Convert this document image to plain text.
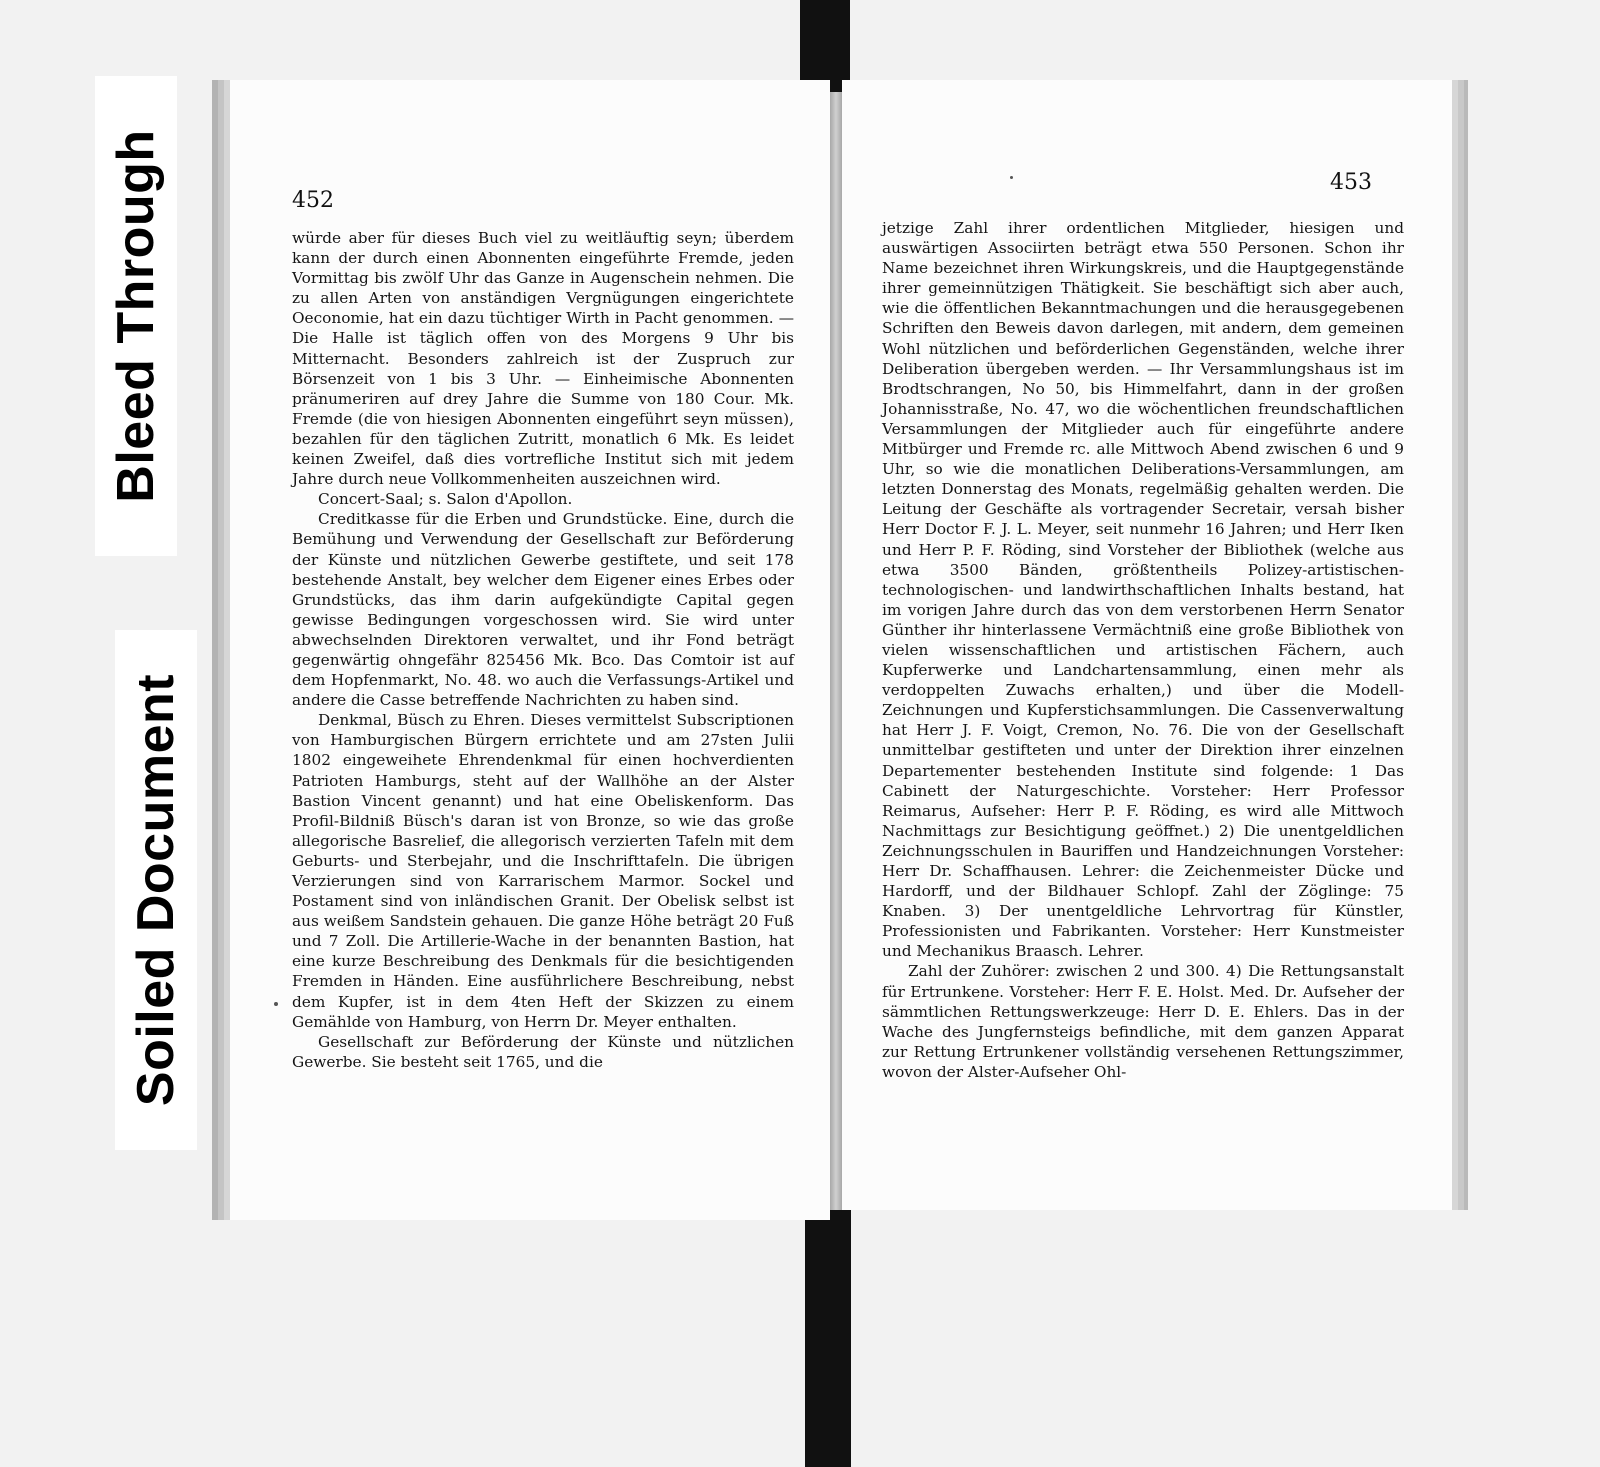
Bleed Through
Soiled Document
452

würde aber für dieses Buch viel zu weitläuftig seyn; überdem kann der durch einen Abonnenten eingeführte Fremde, jeden Vormittag bis zwölf Uhr das Ganze in Augenschein nehmen. Die zu allen Arten von anständigen Vergnügungen eingerichtete Oeconomie, hat ein dazu tüchtiger Wirth in Pacht genommen. — Die Halle ist täglich offen von des Morgens 9 Uhr bis Mitternacht. Besonders zahlreich ist der Zuspruch zur Börsenzeit von 1 bis 3 Uhr. — Einheimische Abonnenten pränumeriren auf drey Jahre die Summe von 180 Cour. Mk. Fremde (die von hiesigen Abonnenten eingeführt seyn müssen), bezahlen für den täglichen Zutritt, monatlich 6 Mk. Es leidet keinen Zweifel, daß dies vortrefliche Institut sich mit jedem Jahre durch neue Vollkommenheiten auszeichnen wird.

Concert-Saal; s. Salon d'Apollon.

Creditkasse für die Erben und Grundstücke. Eine, durch die Bemühung und Verwendung der Gesellschaft zur Beförderung der Künste und nützlichen Gewerbe gestiftete, und seit 178 bestehende Anstalt, bey welcher dem Eigener eines Erbes oder Grundstücks, das ihm darin aufgekündigte Capital gegen gewisse Bedingungen vorgeschossen wird. Sie wird unter abwechselnden Direktoren verwaltet, und ihr Fond beträgt gegenwärtig ohngefähr 825456 Mk. Bco. Das Comtoir ist auf dem Hopfenmarkt, No. 48. wo auch die Verfassungs-Artikel und andere die Casse betreffende Nachrichten zu haben sind.

Denkmal, Büsch zu Ehren. Dieses vermittelst Subscriptionen von Hamburgischen Bürgern errichtete und am 27sten Julii 1802 eingeweihete Ehrendenkmal für einen hochverdienten Patrioten Hamburgs, steht auf der Wallhöhe an der Alster Bastion Vincent genannt) und hat eine Obeliskenform. Das Profil-Bildniß Büsch's daran ist von Bronze, so wie das große allegorische Basrelief, die allegorisch verzierten Tafeln mit dem Geburts- und Sterbejahr, und die Inschrifttafeln. Die übrigen Verzierungen sind von Karrarischem Marmor. Sockel und Postament sind von inländischen Granit. Der Obelisk selbst ist aus weißem Sandstein gehauen. Die ganze Höhe beträgt 20 Fuß und 7 Zoll. Die Artillerie-Wache in der benannten Bastion, hat eine kurze Beschreibung des Denkmals für die besichtigenden Fremden in Händen. Eine ausführlichere Beschreibung, nebst dem Kupfer, ist in dem 4ten Heft der Skizzen zu einem Gemählde von Hamburg, von Herrn Dr. Meyer enthalten.

Gesellschaft zur Beförderung der Künste und nützlichen Gewerbe. Sie besteht seit 1765, und die

453

jetzige Zahl ihrer ordentlichen Mitglieder, hiesigen und auswärtigen Associirten beträgt etwa 550 Personen. Schon ihr Name bezeichnet ihren Wirkungskreis, und die Hauptgegenstände ihrer gemeinnützigen Thätigkeit. Sie beschäftigt sich aber auch, wie die öffentlichen Bekanntmachungen und die herausgegebenen Schriften den Beweis davon darlegen, mit andern, dem gemeinen Wohl nützlichen und beförderlichen Gegenständen, welche ihrer Deliberation übergeben werden. — Ihr Versammlungshaus ist im Brodtschrangen, No 50, bis Himmelfahrt, dann in der großen Johannisstraße, No. 47, wo die wöchentlichen freundschaftlichen Versammlungen der Mitglieder auch für eingeführte andere Mitbürger und Fremde rc. alle Mittwoch Abend zwischen 6 und 9 Uhr, so wie die monatlichen Deliberations-Versammlungen, am letzten Donnerstag des Monats, regelmäßig gehalten werden. Die Leitung der Geschäfte als vortragender Secretair, versah bisher Herr Doctor F. J. L. Meyer, seit nunmehr 16 Jahren; und Herr Iken und Herr P. F. Röding, sind Vorsteher der Bibliothek (welche aus etwa 3500 Bänden, größtentheils Polizey-artistischen-technologischen- und landwirthschaftlichen Inhalts bestand, hat im vorigen Jahre durch das von dem verstorbenen Herrn Senator Günther ihr hinterlassene Vermächtniß eine große Bibliothek von vielen wissenschaftlichen und artistischen Fächern, auch Kupferwerke und Landchartensammlung, einen mehr als verdoppelten Zuwachs erhalten,) und über die Modell-Zeichnungen und Kupferstichsammlungen. Die Cassenverwaltung hat Herr J. F. Voigt, Cremon, No. 76. Die von der Gesellschaft unmittelbar gestifteten und unter der Direktion ihrer einzelnen Departementer bestehenden Institute sind folgende: 1 Das Cabinett der Naturgeschichte. Vorsteher: Herr Professor Reimarus, Aufseher: Herr P. F. Röding, es wird alle Mittwoch Nachmittags zur Besichtigung geöffnet.) 2) Die unentgeldlichen Zeichnungsschulen in Bauriffen und Handzeichnungen Vorsteher: Herr Dr. Schaffhausen. Lehrer: die Zeichenmeister Dücke und Hardorff, und der Bildhauer Schlopf. Zahl der Zöglinge: 75 Knaben. 3) Der unentgeldliche Lehrvortrag für Künstler, Professionisten und Fabrikanten. Vorsteher: Herr Kunstmeister und Mechanikus Braasch. Lehrer.

Zahl der Zuhörer: zwischen 2 und 300. 4) Die Rettungsanstalt für Ertrunkene. Vorsteher: Herr F. E. Holst. Med. Dr. Aufseher der sämmtlichen Rettungswerkzeuge: Herr D. E. Ehlers. Das in der Wache des Jungfernsteigs befindliche, mit dem ganzen Apparat zur Rettung Ertrunkener vollständig versehenen Rettungszimmer, wovon der Alster-Aufseher Ohl-
